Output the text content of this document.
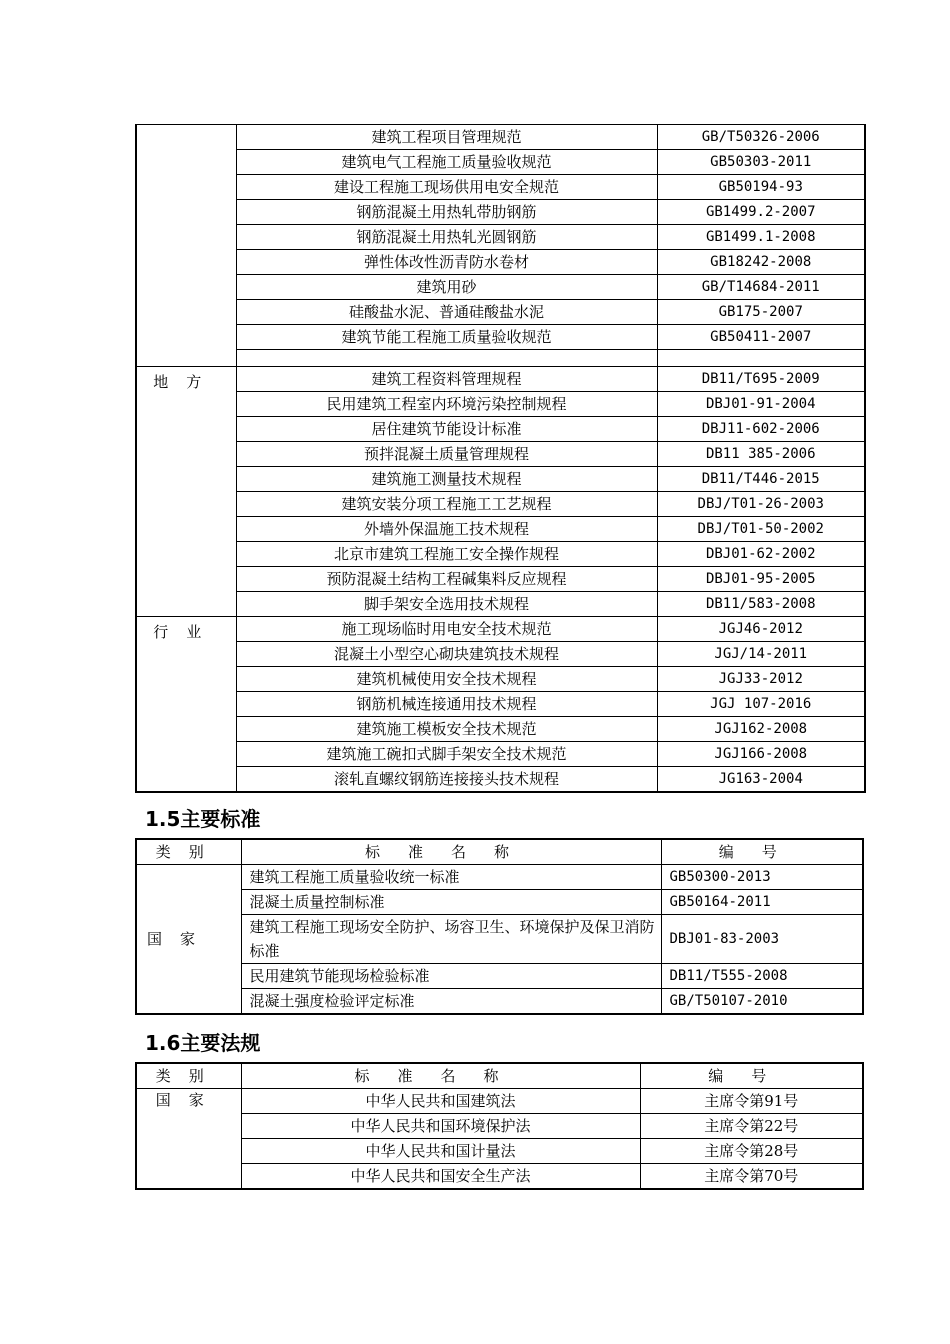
	建筑工程项目管理规范	GB/T50326-2006
	建筑电气工程施工质量验收规范	GB50303-2011
	建设工程施工现场供用电安全规范	GB50194-93
	钢筋混凝土用热轧带肋钢筋	GB1499.2-2007
	钢筋混凝土用热轧光圆钢筋	GB1499.1-2008
	弹性体改性沥青防水卷材	GB18242-2008
	建筑用砂	GB/T14684-2011
	硅酸盐水泥、普通硅酸盐水泥	GB175-2007
	建筑节能工程施工质量验收规范	GB50411-2007

地方	建筑工程资料管理规程	DB11/T695-2009
	民用建筑工程室内环境污染控制规程	DBJ01-91-2004
	居住建筑节能设计标准	DBJ11-602-2006
	预拌混凝土质量管理规程	DB11 385-2006
	建筑施工测量技术规程	DB11/T446-2015
	建筑安装分项工程施工工艺规程	DBJ/T01-26-2003
	外墙外保温施工技术规程	DBJ/T01-50-2002
	北京市建筑工程施工安全操作规程	DBJ01-62-2002
	预防混凝土结构工程碱集料反应规程	DBJ01-95-2005
	脚手架安全选用技术规程	DB11/583-2008
行业	施工现场临时用电安全技术规范	JGJ46-2012
	混凝土小型空心砌块建筑技术规程	JGJ/14-2011
	建筑机械使用安全技术规程	JGJ33-2012
	钢筋机械连接通用技术规程	JGJ 107-2016
	建筑施工模板安全技术规范	JGJ162-2008
	建筑施工碗扣式脚手架安全技术规范	JGJ166-2008
	滚轧直螺纹钢筋连接接头技术规程	JG163-2004
1.5主要标准
类别	标准名称	编号
国家	建筑工程施工质量验收统一标准	GB50300-2013
	混凝土质量控制标准	GB50164-2011
	建筑工程施工现场安全防护、场容卫生、环境保护及保卫消防标准	DBJ01-83-2003
	民用建筑节能现场检验标准	DB11/T555-2008
	混凝土强度检验评定标准	GB/T50107-2010
1.6主要法规
类别	标准名称	编号
国家	中华人民共和国建筑法	主席令第91号
	中华人民共和国环境保护法	主席令第22号
	中华人民共和国计量法	主席令第28号
	中华人民共和国安全生产法	主席令第70号
